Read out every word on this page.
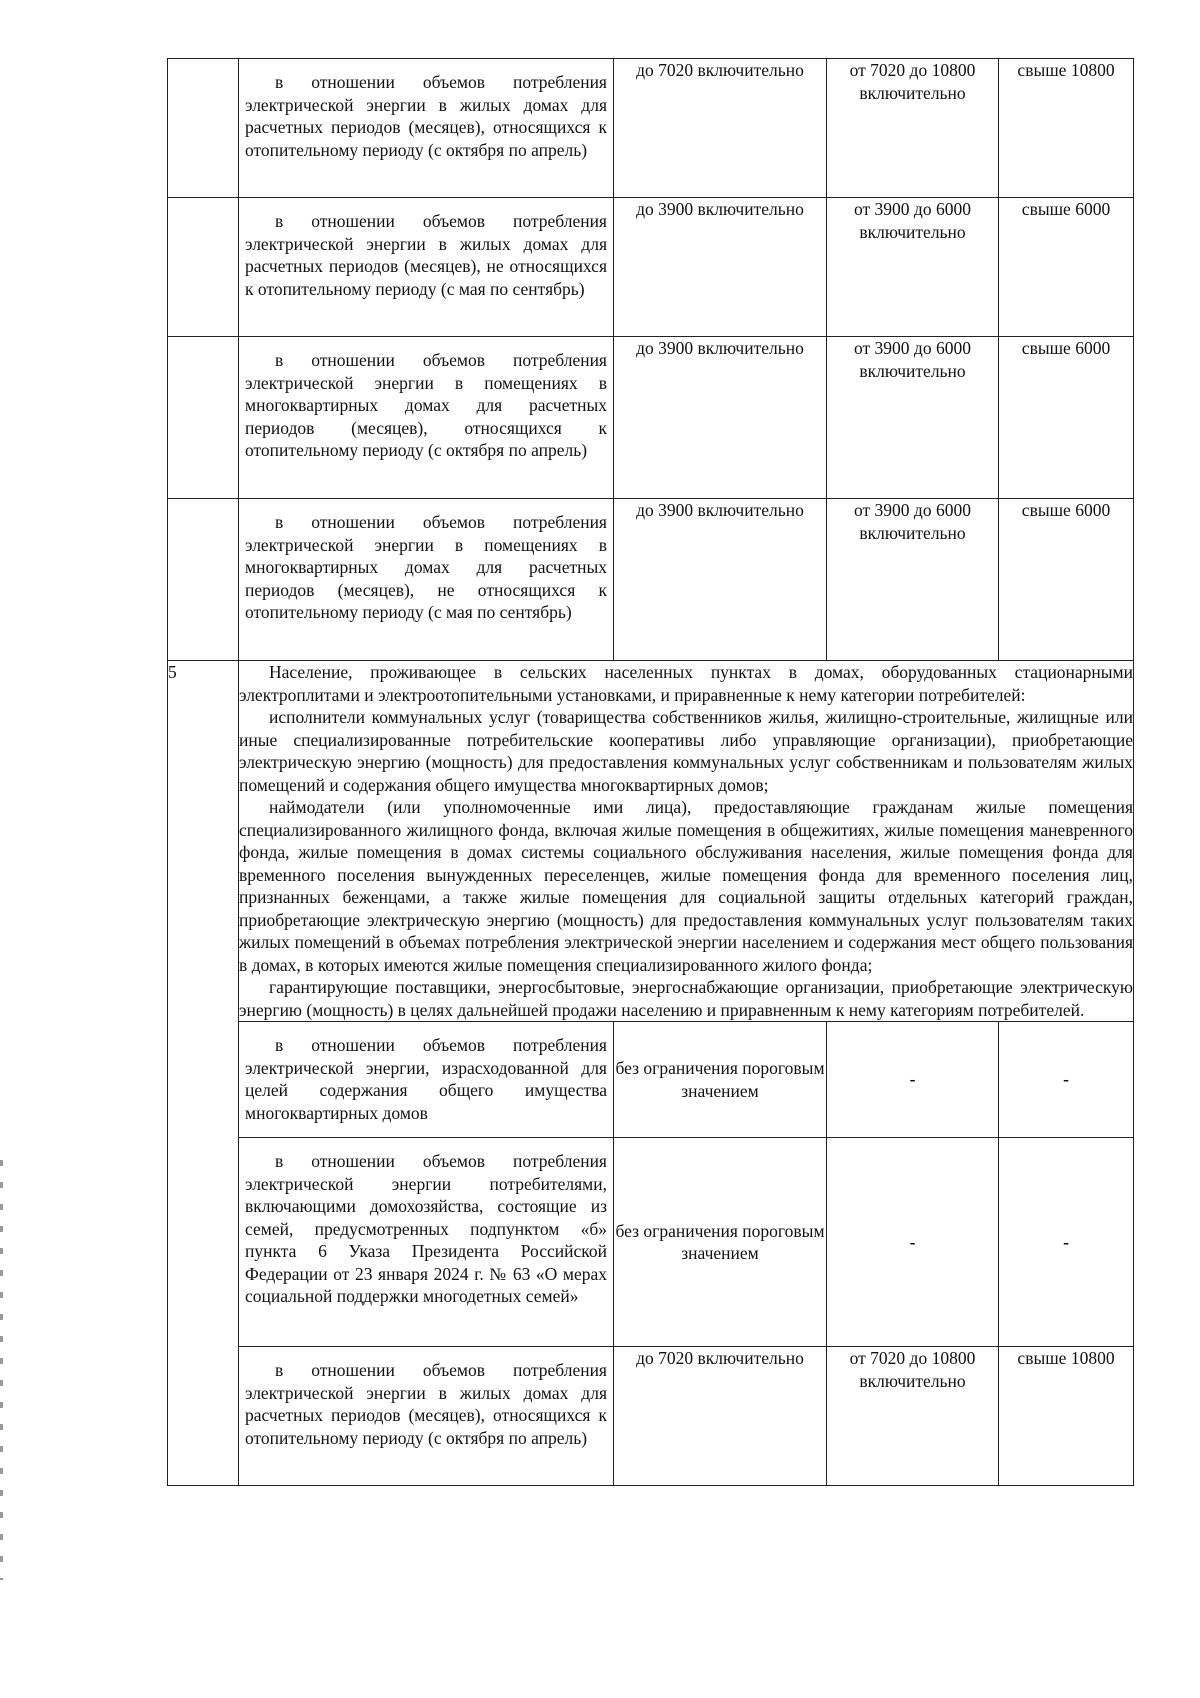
	в отношении объемов потребления электрической энергии в жилых домах для расчетных периодов (месяцев), относящихся к отопительному периоду (с октября по апрель)	до 7020 включительно	от 7020 до 10800 включительно	свыше 10800

	в отношении объемов потребления электрической энергии в жилых домах для расчетных периодов (месяцев), не относящихся к отопительному периоду (с мая по сентябрь)	до 3900 включительно	от 3900 до 6000 включительно	свыше 6000

	в отношении объемов потребления электрической энергии в помещениях в многоквартирных домах для расчетных периодов (месяцев), относящихся к отопительному периоду (с октября по апрель)	до 3900 включительно	от 3900 до 6000 включительно	свыше 6000

	в отношении объемов потребления электрической энергии в помещениях в многоквартирных домах для расчетных периодов (месяцев), не относящихся к отопительному периоду (с мая по сентябрь)	до 3900 включительно	от 3900 до 6000 включительно	свыше 6000
5	Население, проживающее в сельских населенных пунктах в домах, оборудованных стационарными электроплитами и электроотопительными установками, и приравненные к нему категории потребителей:

исполнители коммунальных услуг (товарищества собственников жилья, жилищно-строительные, жилищные или иные специализированные потребительские кооперативы либо управляющие организации), приобретающие электрическую энергию (мощность) для предоставления коммунальных услуг собственникам и пользователям жилых помещений и содержания общего имущества многоквартирных домов;

наймодатели (или уполномоченные ими лица), предоставляющие гражданам жилые помещения специализированного жилищного фонда, включая жилые помещения в общежитиях, жилые помещения маневренного фонда, жилые помещения в домах системы социального обслуживания населения, жилые помещения фонда для временного поселения вынужденных переселенцев, жилые помещения фонда для временного поселения лиц, признанных беженцами, а также жилые помещения для социальной защиты отдельных категорий граждан, приобретающие электрическую энергию (мощность) для предоставления коммунальных услуг пользователям таких жилых помещений в объемах потребления электрической энергии населением и содержания мест общего пользования в домах, в которых имеются жилые помещения специализированного жилого фонда;

гарантирующие поставщики, энергосбытовые, энергоснабжающие организации, приобретающие электрическую энергию (мощность) в целях дальнейшей продажи населению и приравненным к нему категориям потребителей.			

	в отношении объемов потребления электрической энергии, израсходованной для целей содержания общего имущества многоквартирных домов	без ограничения пороговым значением	-	-

	в отношении объемов потребления электрической энергии потребителями, включающими домохозяйства, состоящие из семей, предусмотренных подпунктом «б» пункта 6 Указа Президента Российской Федерации от 23 января 2024 г. № 63 «О мерах социальной поддержки многодетных семей»	без ограничения пороговым значением	-	-

	в отношении объемов потребления электрической энергии в жилых домах для расчетных периодов (месяцев), относящихся к отопительному периоду (с октября по апрель)	до 7020 включительно	от 7020 до 10800 включительно	свыше 10800
